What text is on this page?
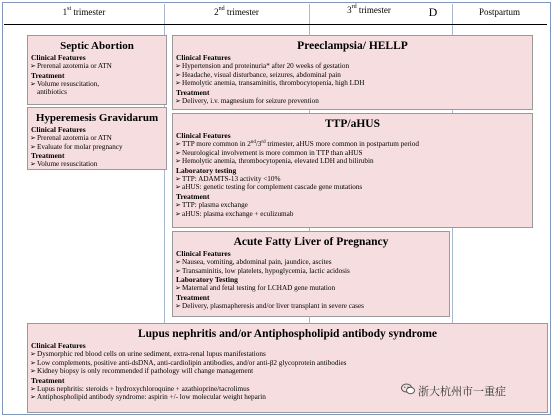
1st trimester	2nd trimester	3rd trimester	D	Postpartum
Septic Abortion
Clinical Features
➢Prerenal azotemia or ATN
Treatment
➢Volume resuscitation,
antibiotics
Hyperemesis Gravidarum
Clinical Features
➢Prerenal azotemia or ATN
➢Evaluate for molar pregnancy
Treatment
➢Volume resuscitation
Preeclampsia/ HELLP
Clinical Features
➢Hypertension and proteinuria* after 20 weeks of gestation
➢Headache, visual disturbance, seizures, abdominal pain
➢Hemolytic anemia, transaminitis, thrombocytopenia, high LDH
Treatment
➢Delivery, i.v. magnesium for seizure prevention
TTP/aHUS
Clinical Features
➢TTP more common in 2nd/3rd trimester, aHUS more common in postpartum period
➢Neurological involvement is more common in TTP than aHUS
➢Hemolytic anemia, thrombocytopenia, elevated LDH and bilirubin
Laboratory testing
➢TTP: ADAMTS-13 activity <10%
➢aHUS: genetic testing for complement cascade gene mutations
Treatment
➢TTP: plasma exchange
➢aHUS: plasma exchange + eculizumab
Acute Fatty Liver of Pregnancy
Clinical Features
➢Nausea, vomiting, abdominal pain, jaundice, ascites
➢Transaminitis, low platelets, hypoglycemia, lactic acidosis
Laboratory Testing
➢Maternal and fetal testing for LCHAD gene mutation
Treatment
➢Delivery, plasmapheresis and/or liver transplant in severe cases
Lupus nephritis and/or Antiphospholipid antibody syndrome
Clinical Features
➢Dysmorphic red blood cells on urine sediment, extra-renal lupus manifestations
➢Low complements, positive anti-dsDNA, anti-cardiolipin antibodies, and/or anti-β2 glycoprotein antibodies
➢Kidney biopsy is only recommended if pathology will change management
Treatment
➢Lupus nephritis: steroids + hydroxychloroquine + azathioprine/tacrolimus
➢Antiphospholipid antibody syndrome: aspirin +/- low molecular weight heparin	浙大杭州市一重症
